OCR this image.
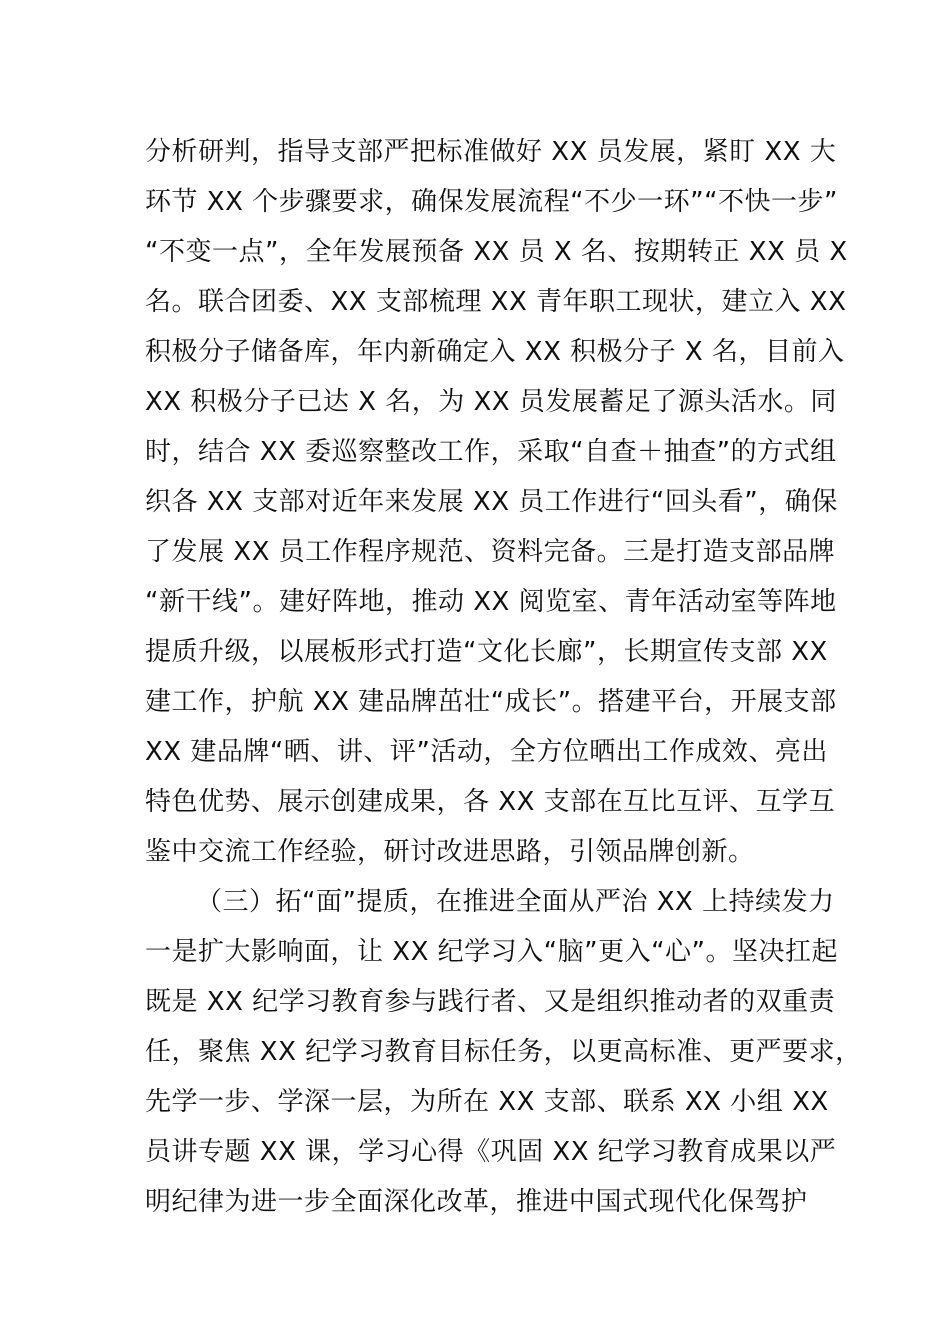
分析研判，指导支部严把标准做好 XX 员发展，紧盯 XX 大
环节 XX 个步骤要求，确保发展流程“不少一环”“不快一步”
“不变一点”，全年发展预备 XX 员 X 名、按期转正 XX 员 X
名。联合团委、XX 支部梳理 XX 青年职工现状，建立入 XX
积极分子储备库，年内新确定入 XX 积极分子 X 名，目前入
XX 积极分子已达 X 名，为 XX 员发展蓄足了源头活水。同
时，结合 XX 委巡察整改工作，采取“自查＋抽查”的方式组
织各 XX 支部对近年来发展 XX 员工作进行“回头看”，确保
了发展 XX 员工作程序规范、资料完备。三是打造支部品牌
“新干线”。建好阵地，推动 XX 阅览室、青年活动室等阵地
提质升级，以展板形式打造“文化长廊”，长期宣传支部 XX
建工作，护航 XX 建品牌茁壮“成长”。搭建平台，开展支部
XX 建品牌“晒、讲、评”活动，全方位晒出工作成效、亮出
特色优势、展示创建成果，各 XX 支部在互比互评、互学互
鉴中交流工作经验，研讨改进思路，引领品牌创新。
（三）拓“面”提质，在推进全面从严治 XX 上持续发力
一是扩大影响面，让 XX 纪学习入“脑”更入“心”。坚决扛起
既是 XX 纪学习教育参与践行者、又是组织推动者的双重责
任，聚焦 XX 纪学习教育目标任务，以更高标准、更严要求，
先学一步、学深一层，为所在 XX 支部、联系 XX 小组 XX
员讲专题 XX 课，学习心得《巩固 XX 纪学习教育成果以严
明纪律为进一步全面深化改革，推进中国式现代化保驾护
